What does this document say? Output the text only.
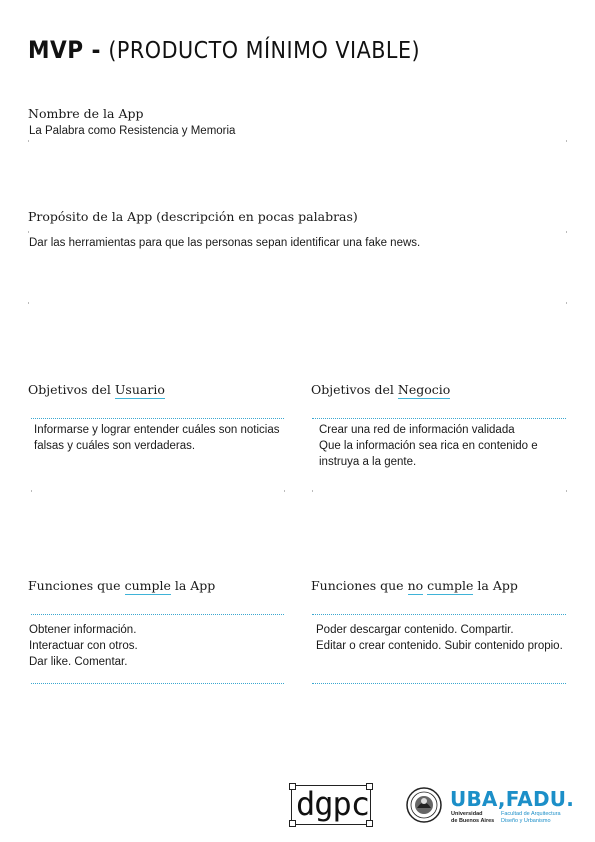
MVP - (PRODUCTO MÍNIMO VIABLE)
Nombre de la App
La Palabra como Resistencia y Memoria
Propósito de la App (descripción en pocas palabras)
Dar las herramientas para que las personas sepan identificar una fake news.
Objetivos del Usuario
Informarse y lograr entender cuáles son noticias
falsas y cuáles son verdaderas.
Objetivos del Negocio
Crear una red de información validada
Que la información sea rica en contenido e
instruya a la gente.
Funciones que cumple la App
Obtener información.
Interactuar con otros.
Dar like. Comentar.
Funciones que no cumple la App
Poder descargar contenido. Compartir.
Editar o crear contenido. Subir contenido propio.
dgpc	UBA,FADU.
Universidad
de Buenos Aires
Facultad de Arquitectura
Diseño y Urbanismo
